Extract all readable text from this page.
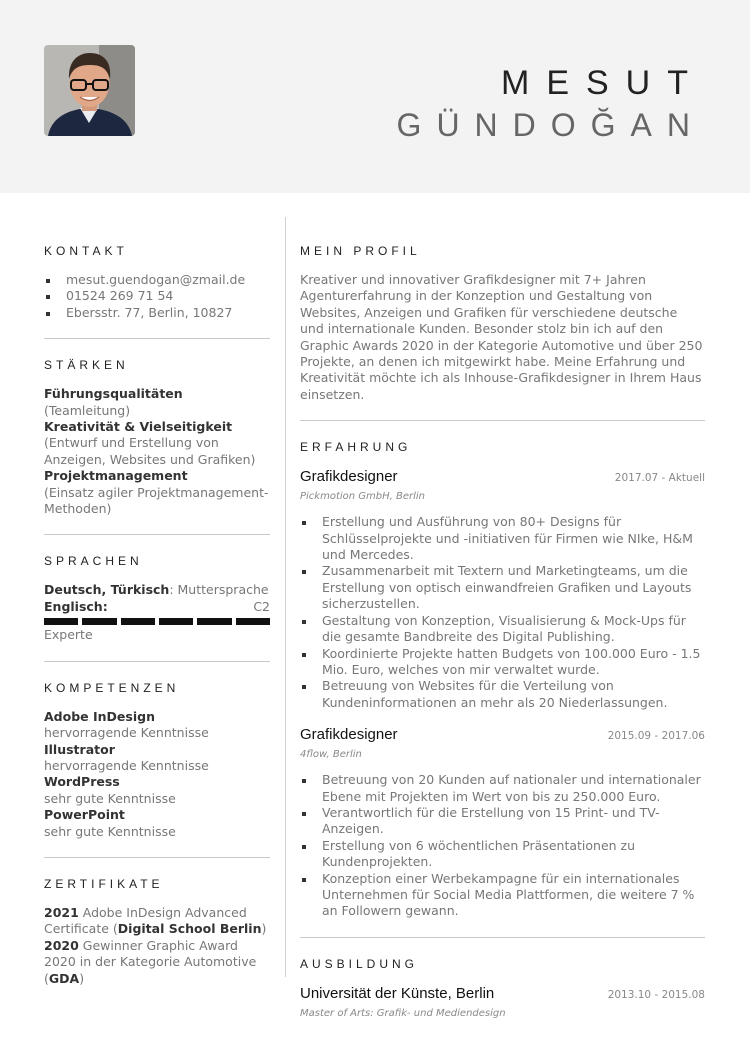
MESUT
GÜNDOĞAN
KONTAKT
mesut.guendogan@zmail.de
01524 269 71 54
Ebersstr. 77, Berlin, 10827
STÄRKEN
Führungsqualitäten
(Teamleitung)
Kreativität & Vielseitigkeit
(Entwurf und Erstellung von Anzeigen, Websites und Grafiken)
Projektmanagement
(Einsatz agiler Projektmanagement-Methoden)
SPRACHEN
Deutsch, Türkisch: Muttersprache
Englisch:	C2
Experte
KOMPETENZEN
Adobe InDesign
hervorragende Kenntnisse
Illustrator
hervorragende Kenntnisse
WordPress
sehr gute Kenntnisse
PowerPoint
sehr gute Kenntnisse
ZERTIFIKATE
2021 Adobe InDesign Advanced Certificate (Digital School Berlin)
2020 Gewinner Graphic Award 2020 in der Kategorie Automotive (GDA)
MEIN PROFIL
Kreativer und innovativer Grafikdesigner mit 7+ Jahren Agenturerfahrung in der Konzeption und Gestaltung von Websites, Anzeigen und Grafiken für verschiedene deutsche und internationale Kunden. Besonder stolz bin ich auf den Graphic Awards 2020 in der Kategorie Automotive und über 250 Projekte, an denen ich mitgewirkt habe. Meine Erfahrung und Kreativität möchte ich als Inhouse-Grafikdesigner in Ihrem Haus einsetzen.
ERFAHRUNG
Grafikdesigner	2017.07 - Aktuell
Pickmotion GmbH, Berlin
Erstellung und Ausführung von 80+ Designs für Schlüsselprojekte und -initiativen für Firmen wie NIke, H&M und Mercedes.
Zusammenarbeit mit Textern und Marketingteams, um die Erstellung von optisch einwandfreien Grafiken und Layouts sicherzustellen.
Gestaltung von Konzeption, Visualisierung & Mock-Ups für die gesamte Bandbreite des Digital Publishing.
Koordinierte Projekte hatten Budgets von 100.000 Euro - 1.5 Mio. Euro, welches von mir verwaltet wurde.
Betreuung von Websites für die Verteilung von Kundeninformationen an mehr als 20 Niederlassungen.
Grafikdesigner	2015.09 - 2017.06
4flow, Berlin
Betreuung von 20 Kunden auf nationaler und internationaler Ebene mit Projekten im Wert von bis zu 250.000 Euro.
Verantwortlich für die Erstellung von 15 Print- und TV-Anzeigen.
Erstellung von 6 wöchentlichen Präsentationen zu Kundenprojekten.
Konzeption einer Werbekampagne für ein internationales Unternehmen für Social Media Plattformen, die weitere 7 % an Followern gewann.
AUSBILDUNG
Universität der Künste, Berlin	2013.10 - 2015.08
Master of Arts: Grafik- und Mediendesign
